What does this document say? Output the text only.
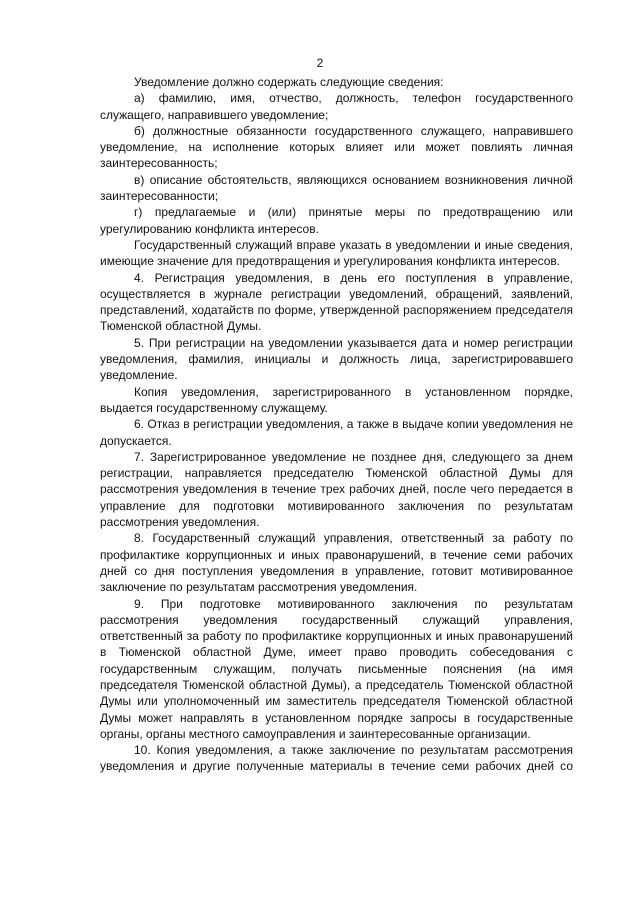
2

Уведомление должно содержать следующие сведения:

а) фамилию, имя, отчество, должность, телефон государственного служащего, направившего уведомление;

б) должностные обязанности государственного служащего, направившего уведомление, на исполнение которых влияет или может повлиять личная заинтересованность;

в) описание обстоятельств, являющихся основанием возникновения личной заинтересованности;

г) предлагаемые и (или) принятые меры по предотвращению или урегулированию конфликта интересов.

Государственный служащий вправе указать в уведомлении и иные сведения, имеющие значение для предотвращения и урегулирования конфликта интересов.

4. Регистрация уведомления, в день его поступления в управление, осуществляется в журнале регистрации уведомлений, обращений, заявлений, представлений, ходатайств по форме, утвержденной распоряжением председателя Тюменской областной Думы.

5. При регистрации на уведомлении указывается дата и номер регистрации уведомления, фамилия, инициалы и должность лица, зарегистрировавшего уведомление.

Копия уведомления, зарегистрированного в установленном порядке, выдается государственному служащему.

6. Отказ в регистрации уведомления, а также в выдаче копии уведомления не допускается.

7. Зарегистрированное уведомление не позднее дня, следующего за днем регистрации, направляется председателю Тюменской областной Думы для рассмотрения уведомления в течение трех рабочих дней, после чего передается в управление для подготовки мотивированного заключения по результатам рассмотрения уведомления.

8. Государственный служащий управления, ответственный за работу по профилактике коррупционных и иных правонарушений, в течение семи рабочих дней со дня поступления уведомления в управление, готовит мотивированное заключение по результатам рассмотрения уведомления.

9. При подготовке мотивированного заключения по результатам рассмотрения уведомления государственный служащий управления, ответственный за работу по профилактике коррупционных и иных правонарушений в Тюменской областной Думе, имеет право проводить собеседования с государственным служащим, получать письменные пояснения (на имя председателя Тюменской областной Думы), а председатель Тюменской областной Думы или уполномоченный им заместитель председателя Тюменской областной Думы может направлять в установленном порядке запросы в государственные органы, органы местного самоуправления и заинтересованные организации.

10. Копия уведомления, а также заключение по результатам рассмотрения уведомления и другие полученные материалы в течение семи рабочих дней со
